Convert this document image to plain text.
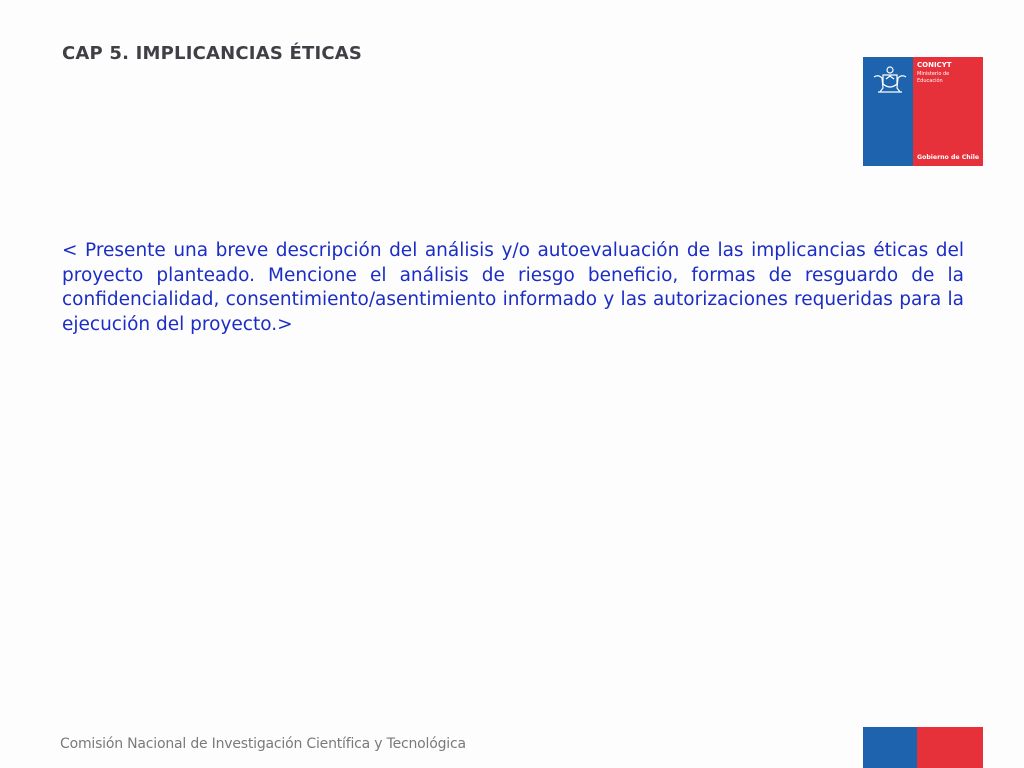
CAP 5. IMPLICANCIAS ÉTICAS
CONICYT
Ministerio de
Educación
Gobierno de Chile

< Presente una breve descripción del análisis y/o autoevaluación de las implicancias éticas del proyecto planteado. Mencione el análisis de riesgo beneficio, formas de resguardo de la confidencialidad, consentimiento/asentimiento informado y las autorizaciones requeridas para la ejecución del proyecto.>

Comisión Nacional de Investigación Científica y Tecnológica
